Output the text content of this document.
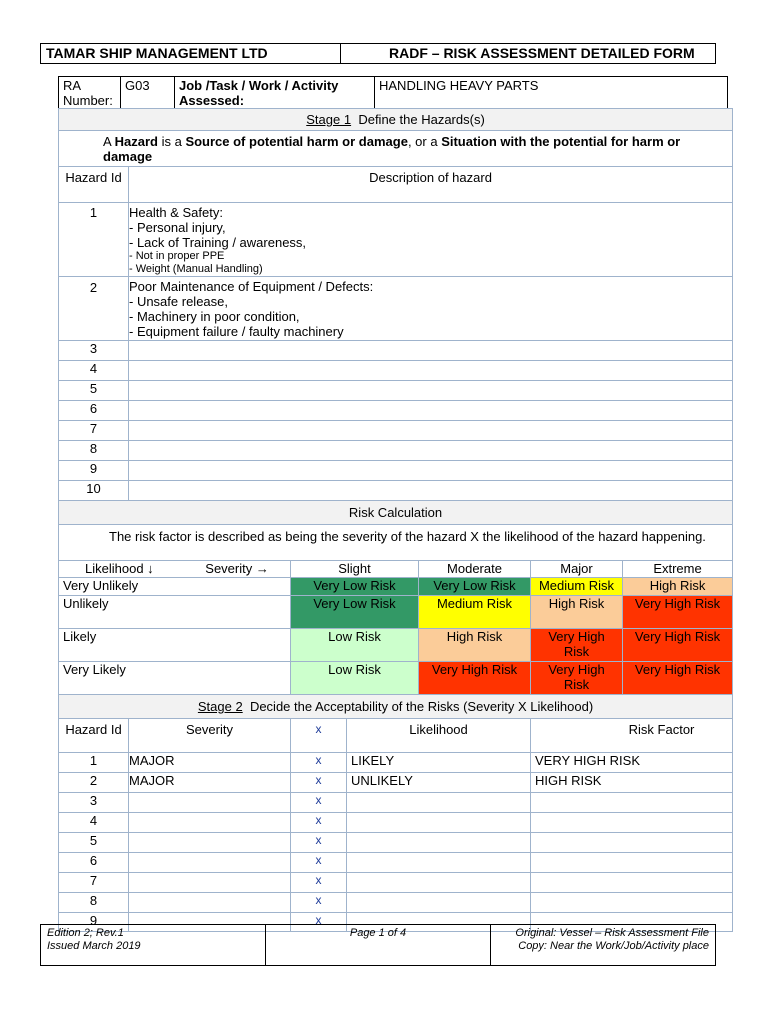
TAMAR SHIP MANAGEMENT LTD	RADF – RISK ASSESSMENT DETAILED FORM
RA Number:	G03	Job /Task / Work / Activity Assessed:	HANDLING HEAVY PARTS
Stage 1 Define the Hazards(s)						
A Hazard is a Source of potential harm or damage, or a Situation with the potential for harm or damage						
Hazard Id	Description of hazard					
1	Health & Safety:
- Personal injury,
- Lack of Training / awareness,
- Not in proper PPE
- Weight (Manual Handling)					

2	Poor Maintenance of Equipment / Defects:
- Unsafe release,
- Machinery in poor condition,
- Equipment failure / faulty machinery					

3						
4						
5						
6						
7						
8						
9						
10						
Risk Calculation						
The risk factor is described as being the severity of the hazard X the likelihood of the hazard happening.						
Likelihood ↓ Severity →		Slight		Moderate	Major	Extreme
Very Unlikely		Very Low Risk		Very Low Risk	Medium Risk	High Risk
Unlikely		Very Low Risk		Medium Risk	High Risk	Very High Risk
Likely		Low Risk		High Risk	Very High Risk	Very High Risk
Very Likely		Low Risk		Very High Risk	Very High Risk	Very High Risk
Stage 2 Decide the Acceptability of the Risks (Severity X Likelihood)						
Hazard Id	Severity	x	Likelihood		Risk Factor	
1	MAJOR	x	LIKELY		VERY HIGH RISK	
2	MAJOR	x	UNLIKELY		HIGH RISK	
3		x				
4		x				
5		x				
6		x				
7		x				
8		x				
9		x				
Edition 2; Rev.1
Issued March 2019
Page 1 of 4	Original: Vessel – Risk Assessment File
Copy: Near the Work/Job/Activity place
